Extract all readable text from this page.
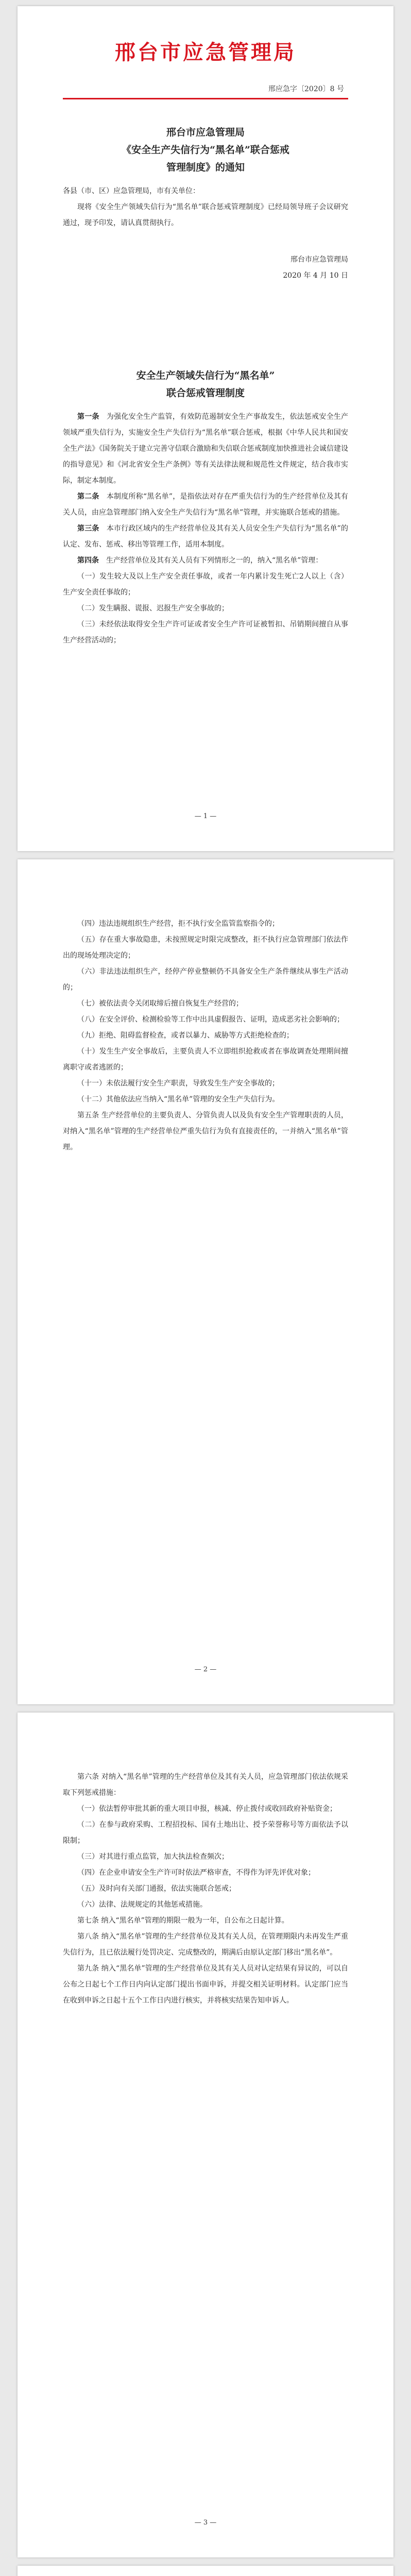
邢台市应急管理局
邢应急字〔2020〕8 号

邢台市应急管理局

《安全生产失信行为“黑名单”联合惩戒

管理制度》的通知

各县（市、区）应急管理局，市有关单位：

现将《安全生产领域失信行为“黑名单”联合惩戒管理制度》已经局领导班子会议研究通过，现予印发，请认真贯彻执行。

邢台市应急管理局

2020 年 4 月 10 日

安全生产领域失信行为“黑名单”

联合惩戒管理制度

第一条　 为强化安全生产监管，有效防范遏制安全生产事故发生，依法惩戒安全生产领域严重失信行为，实施安全生产失信行为“黑名单”联合惩戒，根据《中华人民共和国安全生产法》《国务院关于建立完善守信联合激励和失信联合惩戒制度加快推进社会诚信建设的指导意见》和《河北省安全生产条例》等有关法律法规和规范性文件规定，结合我市实际，制定本制度。

第二条　 本制度所称“黑名单”，是指依法对存在严重失信行为的生产经营单位及其有关人员，由应急管理部门纳入安全生产失信行为“黑名单”管理，并实施联合惩戒的措施。

第三条　 本市行政区域内的生产经营单位及其有关人员安全生产失信行为“黑名单”的认定、发布、惩戒、移出等管理工作，适用本制度。

第四条　 生产经营单位及其有关人员有下列情形之一的，纳入“黑名单”管理：

（一）发生较大及以上生产安全责任事故，或者一年内累计发生死亡2人以上（含）生产安全责任事故的；

（二）发生瞒报、谎报、迟报生产安全事故的；

（三）未经依法取得安全生产许可证或者安全生产许可证被暂扣、吊销期间擅自从事生产经营活动的；

— 1 —

（四）违法违规组织生产经营，拒不执行安全监管监察指令的；

（五）存在重大事故隐患，未按照规定时限完成整改，拒不执行应急管理部门依法作出的现场处理决定的；

（六）非法违法组织生产，经停产停业整顿仍不具备安全生产条件继续从事生产活动的；

（七）被依法责令关闭取缔后擅自恢复生产经营的；

（八）在安全评价、检测检验等工作中出具虚假报告、证明，造成恶劣社会影响的；

（九）拒绝、阻碍监督检查，或者以暴力、威胁等方式拒绝检查的；

（十）发生生产安全事故后，主要负责人不立即组织抢救或者在事故调查处理期间擅离职守或者逃匿的；

（十一）未依法履行安全生产职责，导致发生生产安全事故的；

（十二）其他依法应当纳入“黑名单”管理的安全生产失信行为。

第五条 生产经营单位的主要负责人、分管负责人以及负有安全生产管理职责的人员，对纳入“黑名单”管理的生产经营单位严重失信行为负有直接责任的，一并纳入“黑名单”管理。

— 2 —

第六条 对纳入“黑名单”管理的生产经营单位及其有关人员，应急管理部门依法依规采取下列惩戒措施：

（一）依法暂停审批其新的重大项目申报，核减、停止拨付或收回政府补贴资金；

（二）在参与政府采购、工程招投标、国有土地出让、授予荣誉称号等方面依法予以限制；

（三）对其进行重点监管，加大执法检查频次；

（四）在企业申请安全生产许可时依法严格审查，不得作为评先评优对象；

（五）及时向有关部门通报，依法实施联合惩戒；

（六）法律、法规规定的其他惩戒措施。

第七条 纳入“黑名单”管理的期限一般为一年，自公布之日起计算。

第八条 纳入“黑名单”管理的生产经营单位及其有关人员，在管理期限内未再发生严重失信行为，且已依法履行处罚决定、完成整改的，期满后由原认定部门移出“黑名单”。

第九条 纳入“黑名单”管理的生产经营单位及其有关人员对认定结果有异议的，可以自公布之日起七个工作日内向认定部门提出书面申诉，并提交相关证明材料。认定部门应当在收到申诉之日起十五个工作日内进行核实，并将核实结果告知申诉人。

— 3 —
